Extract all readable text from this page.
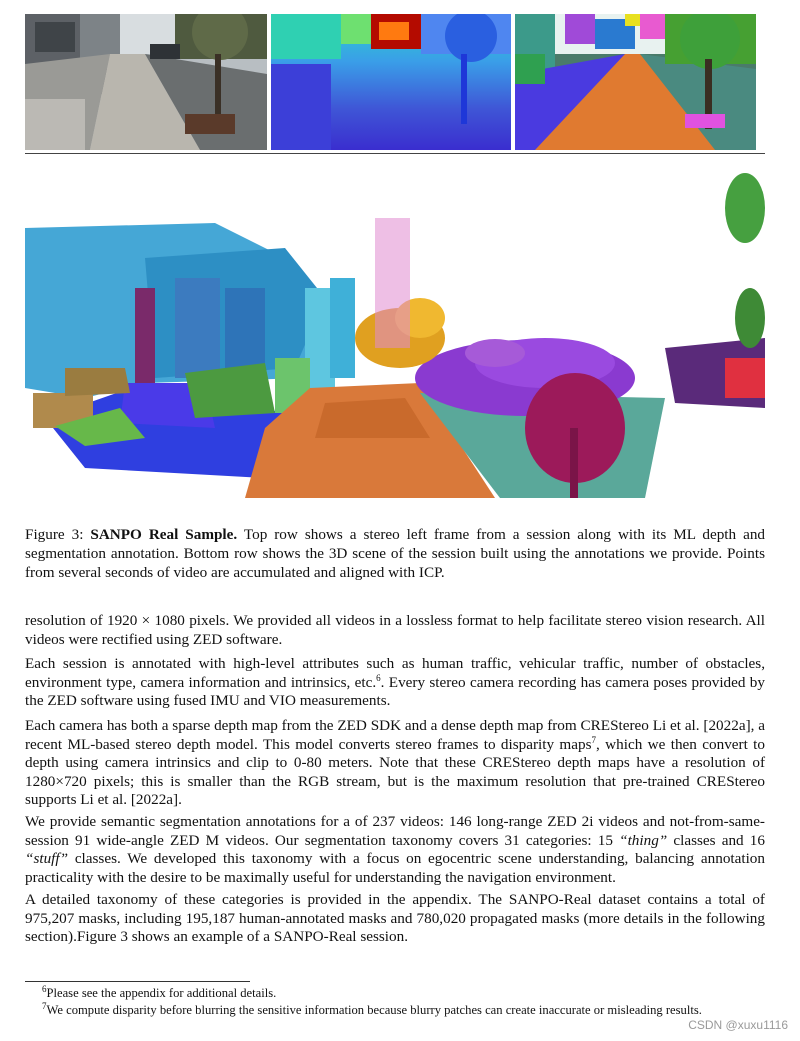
Figure 3: SANPO Real Sample. Top row shows a stereo left frame from a session along with its ML depth and segmentation annotation. Bottom row shows the 3D scene of the session built using the annotations we provide. Points from several seconds of video are accumulated and aligned with ICP.

resolution of 1920 × 1080 pixels. We provided all videos in a lossless format to help facilitate stereo vision research. All videos were rectified using ZED software.

Each session is annotated with high-level attributes such as human traffic, vehicular traffic, number of obstacles, environment type, camera information and intrinsics, etc.$^6$. Every stereo camera recording has camera poses provided by the ZED software using fused IMU and VIO measurements.

Each camera has both a sparse depth map from the ZED SDK and a dense depth map from CREStereo Li et al. [2022a], a recent ML-based stereo depth model. This model converts stereo frames to disparity maps$^7$, which we then convert to depth using camera intrinsics and clip to 0-80 meters. Note that these CREStereo depth maps have a resolution of 1280×720 pixels; this is smaller than the RGB stream, but is the maximum resolution that pre-trained CREStereo supports Li et al. [2022a].

We provide semantic segmentation annotations for a of 237 videos: 146 long-range ZED 2i videos and not-from-same-session 91 wide-angle ZED M videos. Our segmentation taxonomy covers 31 categories: 15 “thing” classes and 16 “stuff” classes. We developed this taxonomy with a focus on egocentric scene understanding, balancing annotation practicality with the desire to be maximally useful for understanding the navigation environment.

A detailed taxonomy of these categories is provided in the appendix. The SANPO-Real dataset contains a total of 975,207 masks, including 195,187 human-annotated masks and 780,020 propagated masks (more details in the following section).Figure 3 shows an example of a SANPO-Real session.

$^6$Please see the appendix for additional details.
$^7$We compute disparity before blurring the sensitive information because blurry patches can create inaccurate or misleading results.
CSDN @xuxu1116
